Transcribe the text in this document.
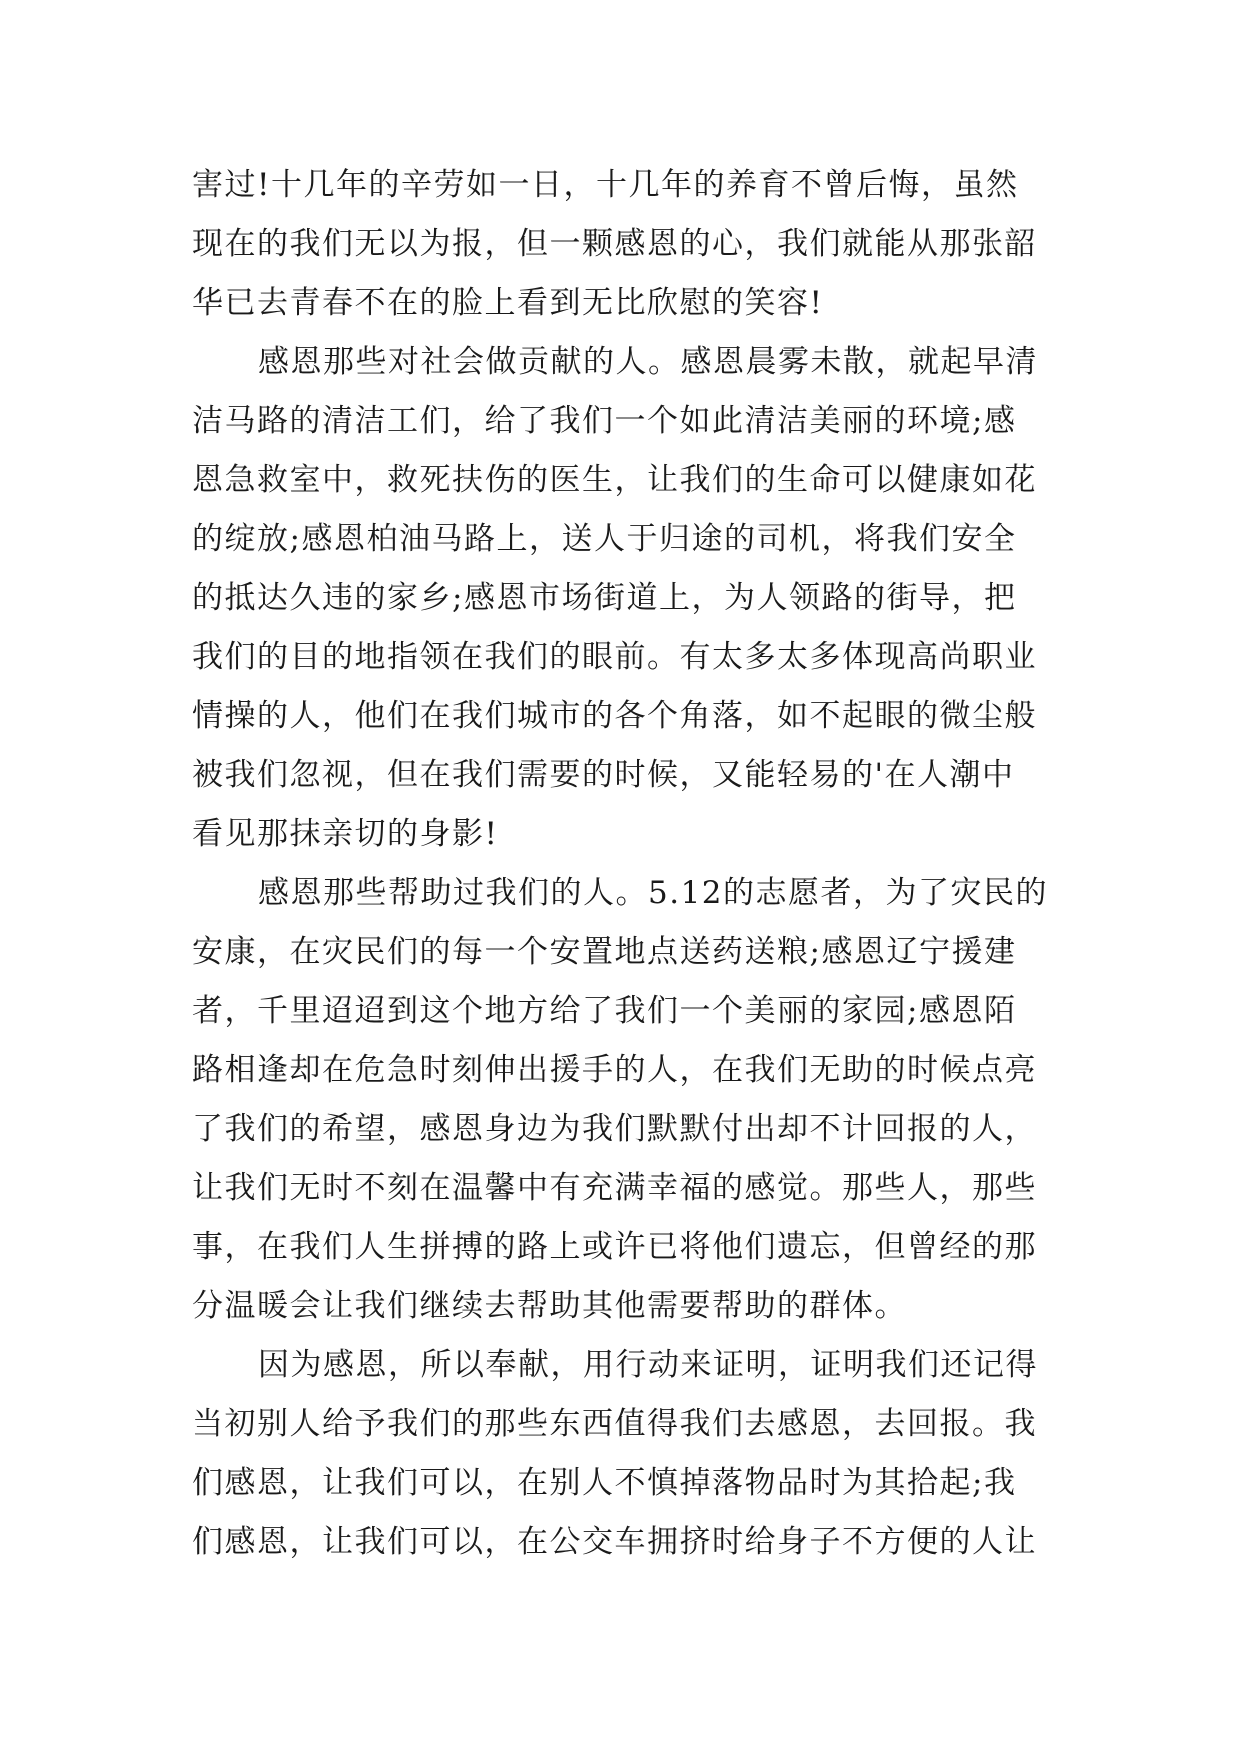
害过!十几年的辛劳如一日，十几年的养育不曾后悔，虽然
现在的我们无以为报，但一颗感恩的心，我们就能从那张韶
华已去青春不在的脸上看到无比欣慰的笑容!
感恩那些对社会做贡献的人。感恩晨雾未散，就起早清
洁马路的清洁工们，给了我们一个如此清洁美丽的环境;感
恩急救室中，救死扶伤的医生，让我们的生命可以健康如花
的绽放;感恩柏油马路上，送人于归途的司机，将我们安全
的抵达久违的家乡;感恩市场街道上，为人领路的街导，把
我们的目的地指领在我们的眼前。有太多太多体现高尚职业
情操的人，他们在我们城市的各个角落，如不起眼的微尘般
被我们忽视，但在我们需要的时候，又能轻易的'在人潮中
看见那抹亲切的身影!
感恩那些帮助过我们的人。5.12的志愿者，为了灾民的
安康，在灾民们的每一个安置地点送药送粮;感恩辽宁援建
者，千里迢迢到这个地方给了我们一个美丽的家园;感恩陌
路相逢却在危急时刻伸出援手的人，在我们无助的时候点亮
了我们的希望，感恩身边为我们默默付出却不计回报的人，
让我们无时不刻在温馨中有充满幸福的感觉。那些人，那些
事，在我们人生拼搏的路上或许已将他们遗忘，但曾经的那
分温暖会让我们继续去帮助其他需要帮助的群体。
因为感恩，所以奉献，用行动来证明，证明我们还记得
当初别人给予我们的那些东西值得我们去感恩，去回报。我
们感恩，让我们可以，在别人不慎掉落物品时为其拾起;我
们感恩，让我们可以，在公交车拥挤时给身子不方便的人让
